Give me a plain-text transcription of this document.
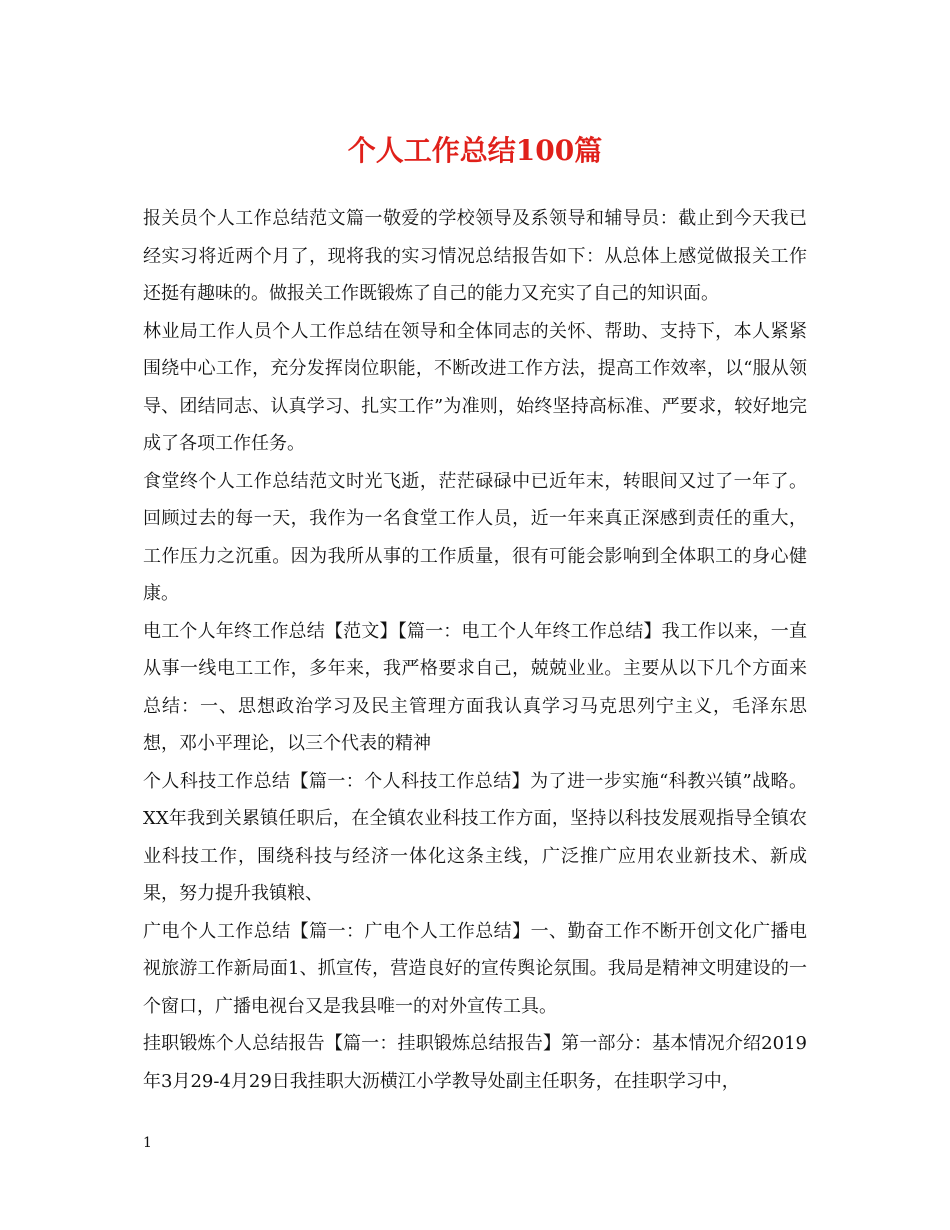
个人工作总结100篇

报关员个人工作总结范文篇一敬爱的学校领导及系领导和辅导员：截止到今天我已经实习将近两个月了，现将我的实习情况总结报告如下：从总体上感觉做报关工作还挺有趣味的。做报关工作既锻炼了自己的能力又充实了自己的知识面。

林业局工作人员个人工作总结在领导和全体同志的关怀、帮助、支持下，本人紧紧围绕中心工作，充分发挥岗位职能，不断改进工作方法，提高工作效率，以“服从领导、团结同志、认真学习、扎实工作”为准则，始终坚持高标准、严要求，较好地完成了各项工作任务。

食堂终个人工作总结范文时光飞逝，茫茫碌碌中已近年末，转眼间又过了一年了。回顾过去的每一天，我作为一名食堂工作人员，近一年来真正深感到责任的重大，工作压力之沉重。因为我所从事的工作质量，很有可能会影响到全体职工的身心健康。

电工个人年终工作总结【范文】【篇一：电工个人年终工作总结】我工作以来，一直从事一线电工工作，多年来，我严格要求自己，兢兢业业。主要从以下几个方面来总结：一、思想政治学习及民主管理方面我认真学习马克思列宁主义，毛泽东思想，邓小平理论，以三个代表的精神

个人科技工作总结【篇一：个人科技工作总结】为了进一步实施“科教兴镇”战略。XX年我到关累镇任职后，在全镇农业科技工作方面，坚持以科技发展观指导全镇农业科技工作，围绕科技与经济一体化这条主线，广泛推广应用农业新技术、新成果，努力提升我镇粮、

广电个人工作总结【篇一：广电个人工作总结】一、勤奋工作不断开创文化广播电视旅游工作新局面1、抓宣传，营造良好的宣传舆论氛围。我局是精神文明建设的一个窗口，广播电视台又是我县唯一的对外宣传工具。

挂职锻炼个人总结报告【篇一：挂职锻炼总结报告】第一部分：基本情况介绍2019年3月29-4月29日我挂职大沥横江小学教导处副主任职务，在挂职学习中，

1
